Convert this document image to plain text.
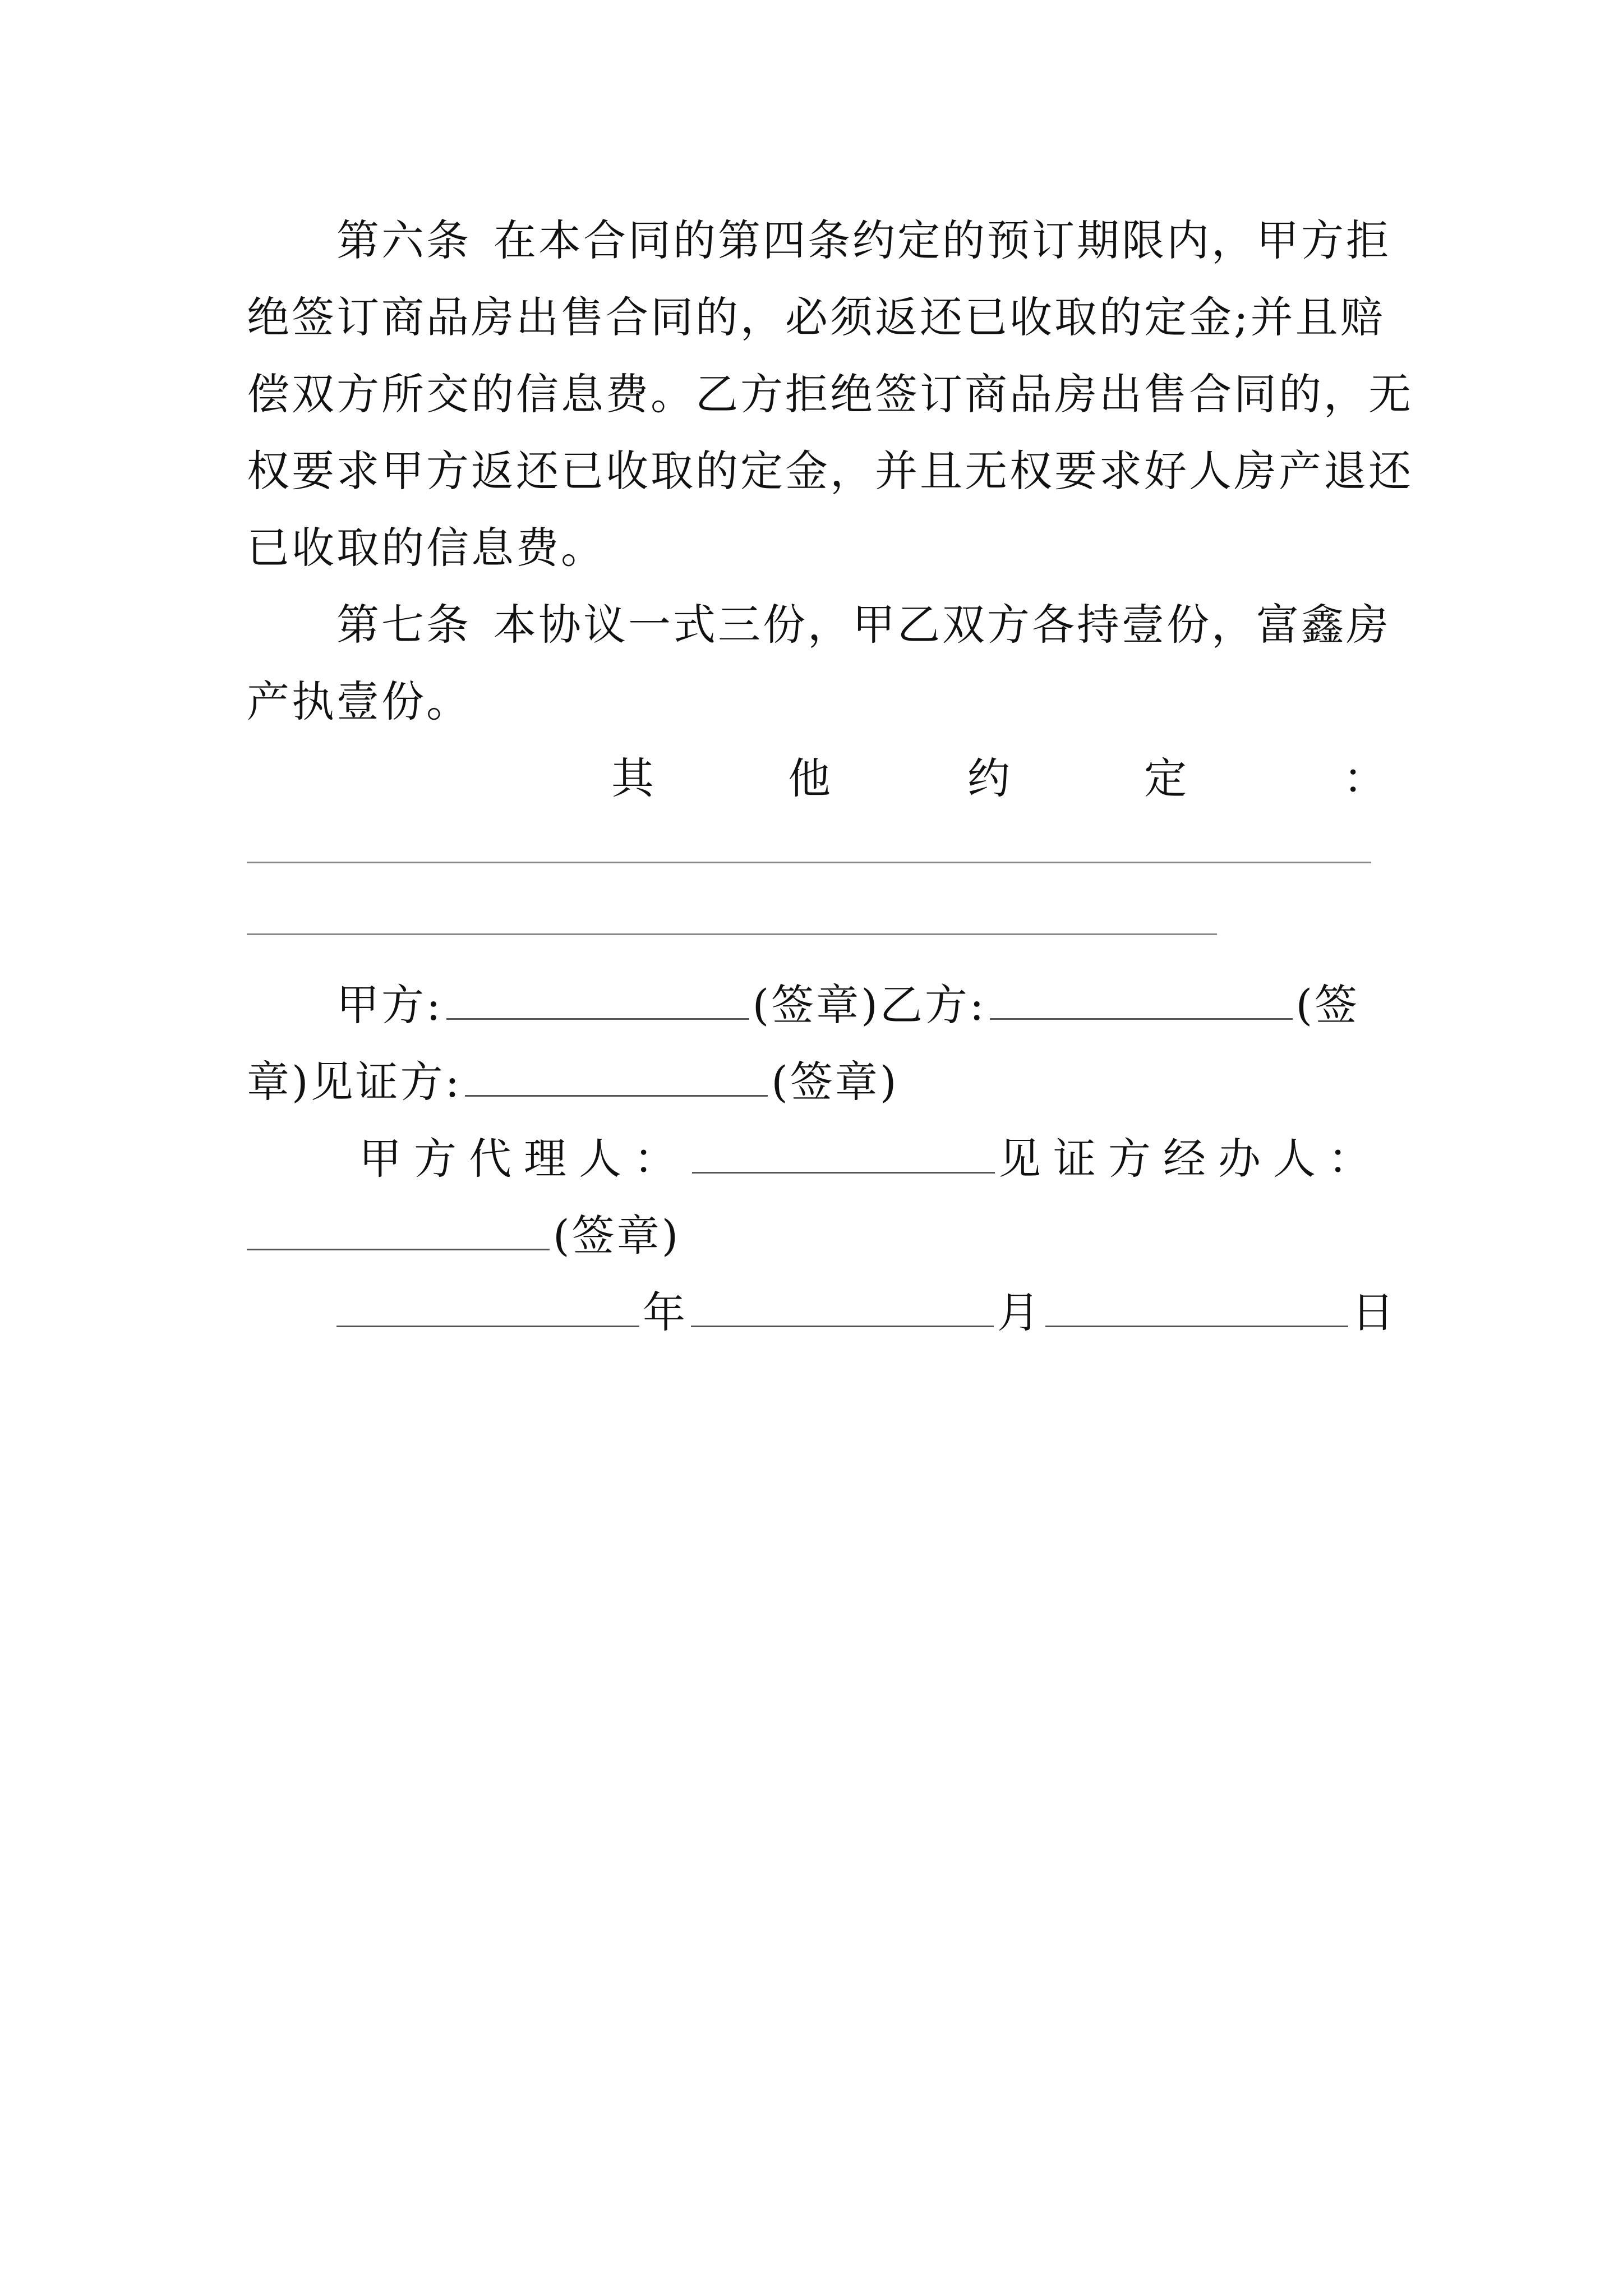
第六条 在本合同的第四条约定的预订期限内，甲方拒

绝签订商品房出售合同的，必须返还已收取的定金;并且赔

偿双方所交的信息费。乙方拒绝签订商品房出售合同的，无

权要求甲方返还已收取的定金，并且无权要求好人房产退还

已收取的信息费。

第七条 本协议一式三份，甲乙双方各持壹份，富鑫房

产执壹份。

其	他	约	定	：
甲方:	(签章)乙方:	(签
章)见证方:	(签章)
甲方代理人：	见证方经办人：
(签章)
年	月	日
